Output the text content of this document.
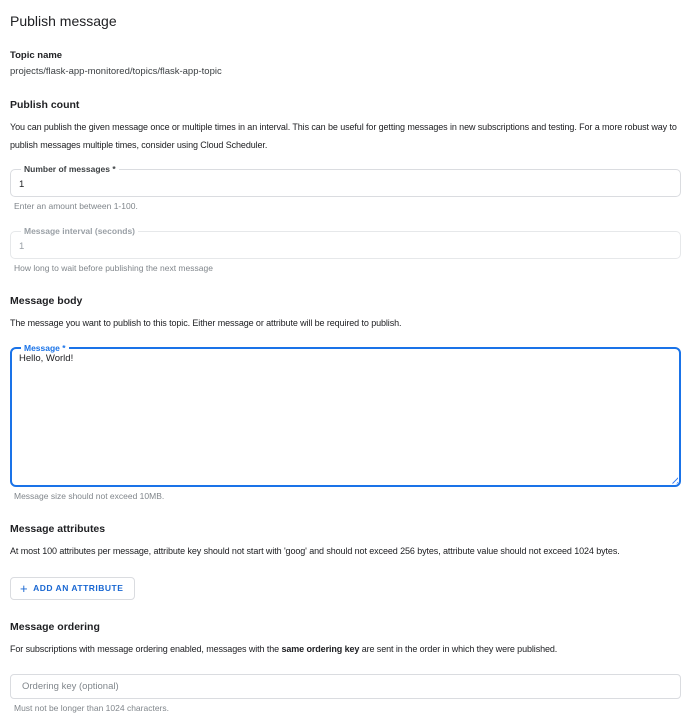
Publish message
Topic name
projects/flask-app-monitored/topics/flask-app-topic
Publish count

You can publish the given message once or multiple times in an interval. This can be useful for getting messages in new subscriptions and testing. For a more robust way to publish messages multiple times, consider using Cloud Scheduler.

Number of messages *
1
Enter an amount between 1-100.
Message interval (seconds)
1
How long to wait before publishing the next message
Message body

The message you want to publish to this topic. Either message or attribute will be required to publish.

Message *
Hello, World!
Message size should not exceed 10MB.
Message attributes

At most 100 attributes per message, attribute key should not start with 'goog' and should not exceed 256 bytes, attribute value should not exceed 1024 bytes.

+ ADD AN ATTRIBUTE
Message ordering

For subscriptions with message ordering enabled, messages with the same ordering key are sent in the order in which they were published.

Ordering key (optional)
Must not be longer than 1024 characters.
